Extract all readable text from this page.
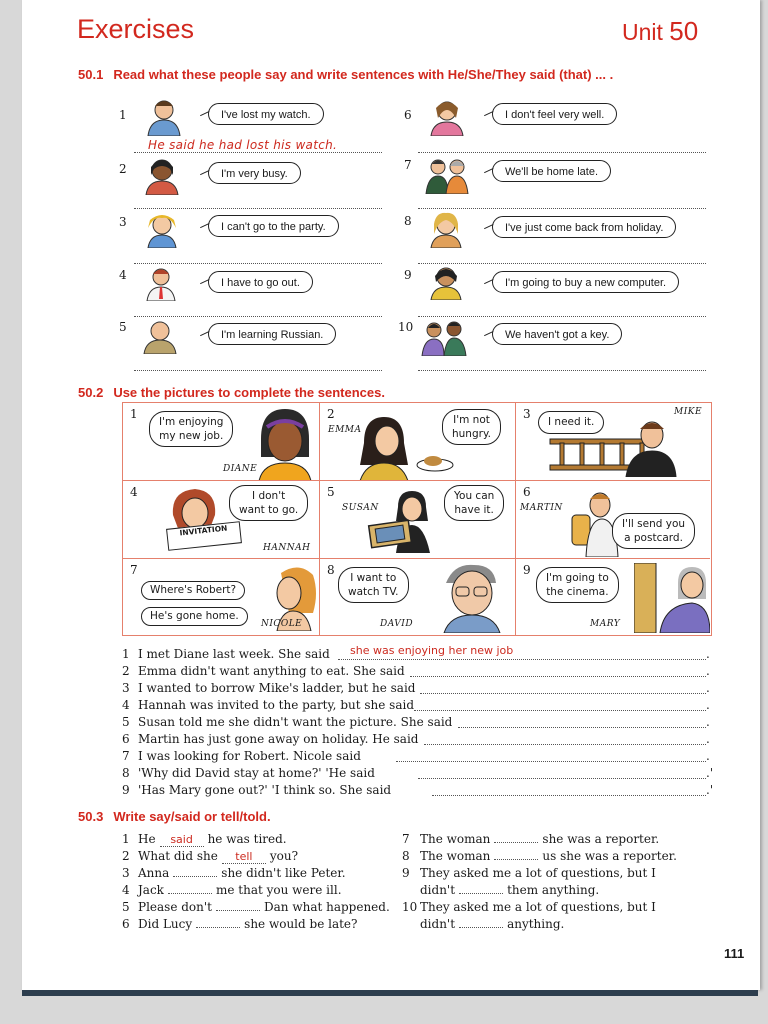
Exercises	Unit 50
50.1 Read what these people say and write sentences with He/She/They said (that) ... .
1	I've lost my watch.
He said he had lost his watch.
2	I'm very busy.
3	I can't go to the party.
4
I have to go out.
5
I'm learning Russian.
6	I don't feel very well.
7	We'll be home late.
8	I've just come back from holiday.
9
I'm going to buy a new computer.
10
We haven't got a key.
50.2 Use the pictures to complete the sentences.
1
I'm enjoying
my new job.
DIANE
2
EMMA
I'm not
hungry.
3
I need it.
MIKE
4
INVITATION
I don't
want to go.
HANNAH
5
SUSAN
You can
have it.
6
MARTIN
I'll send you
a postcard.
7
Where's Robert?
He's gone home.
NICOLE
8
I want to
watch TV.
DAVID
9
I'm going to
the cinema.
MARY
1 I met Diane last week. She said she was enjoying her new job	.
2 Emma didn't want anything to eat. She said	.
3 I wanted to borrow Mike's ladder, but he said	.
4 Hannah was invited to the party, but she said	.
5 Susan told me she didn't want the picture. She said	.
6 Martin has just gone away on holiday. He said	.
7 I was looking for Robert. Nicole said	.
8 'Why did David stay at home?' 'He said	.'
9 'Has Mary gone out?' 'I think so. She said	.'
50.3 Write say/said or tell/told.
1 He said he was tired.
2 What did she tell you?
3 Anna	she didn't like Peter.
4 Jack	me that you were ill.
5 Please don't	Dan what happened.
6 Did Lucy	she would be late?
7 The woman	she was a reporter.
8 The woman	us she was a reporter.
9 They asked me a lot of questions, but I
didn't	them anything.
10 They asked me a lot of questions, but I
didn't	anything.
111
